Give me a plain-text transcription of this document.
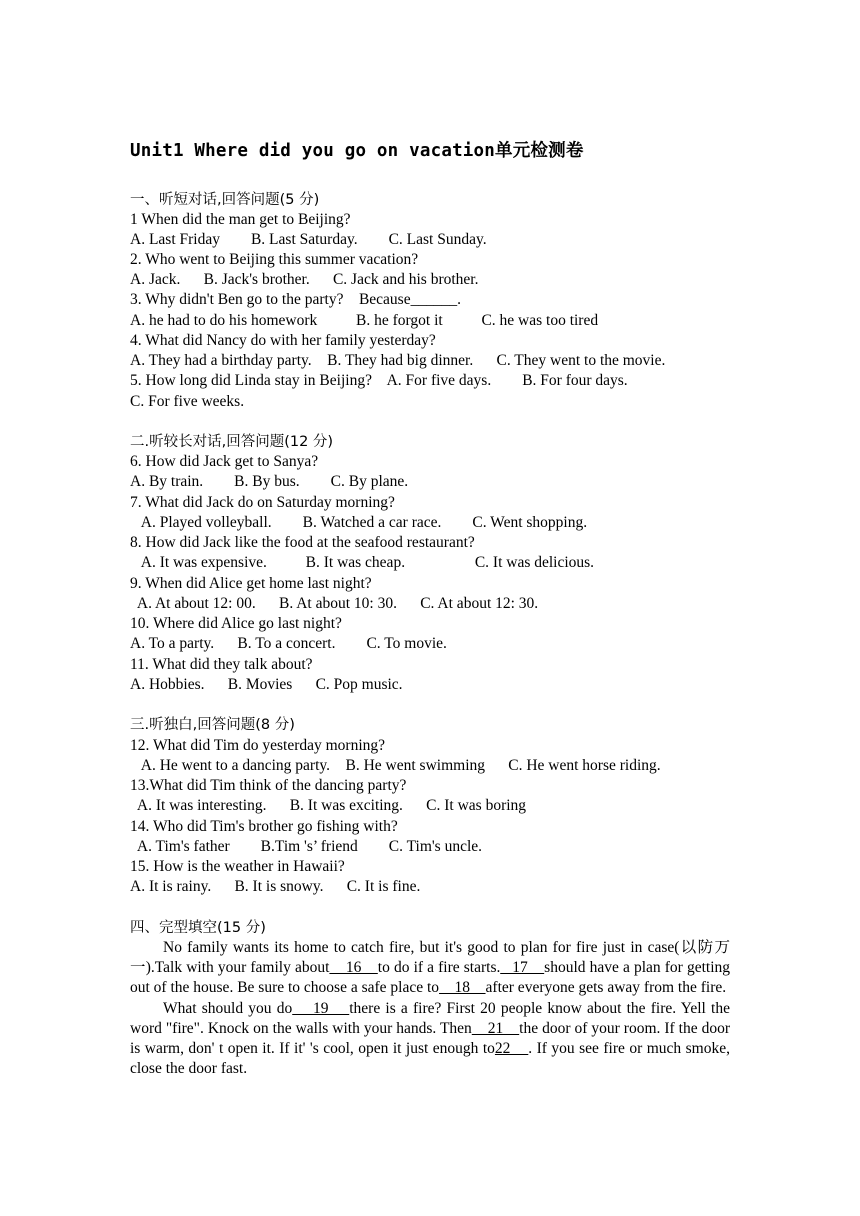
Unit1 Where did you go on vacation单元检测卷
一、听短对话,回答问题(5 分)
1 When did the man get to Beijing?
A. Last Friday        B. Last Saturday.        C. Last Sunday.
2. Who went to Beijing this summer vacation?
A. Jack.      B. Jack's brother.      C. Jack and his brother.
3. Why didn't Ben go to the party?    Because______.
A. he had to do his homework          B. he forgot it          C. he was too tired
4. What did Nancy do with her family yesterday?
A. They had a birthday party.    B. They had big dinner.      C. They went to the movie.
5. How long did Linda stay in Beijing?    A. For five days.        B. For four days.
C. For five weeks.
二.听较长对话,回答问题(12 分)
6. How did Jack get to Sanya?
A. By train.        B. By bus.        C. By plane.
7. What did Jack do on Saturday morning?
A. Played volleyball.        B. Watched a car race.        C. Went shopping.
8. How did Jack like the food at the seafood restaurant?
A. It was expensive.          B. It was cheap.                  C. It was delicious.
9. When did Alice get home last night?
A. At about 12: 00.      B. At about 10: 30.      C. At about 12: 30.
10. Where did Alice go last night?
A. To a party.      B. To a concert.        C. To movie.
11. What did they talk about?
A. Hobbies.      B. Movies      C. Pop music.
三.听独白,回答问题(8 分)
12. What did Tim do yesterday morning?
A. He went to a dancing party.    B. He went swimming      C. He went horse riding.
13.What did Tim think of the dancing party?
A. It was interesting.      B. It was exciting.      C. It was boring
14. Who did Tim's brother go fishing with?
A. Tim's father        B.Tim 's’ friend        C. Tim's uncle.
15. How is the weather in Hawaii?
A. It is rainy.      B. It is snowy.      C. It is fine.
四、完型填空(15 分)

No family wants its home to catch fire, but it's good to plan for fire just in case(以防万一).Talk with your family about    16    to do if a fire starts._ 17    should have a plan for getting out of the house. Be sure to choose a safe place to    18    after everyone gets away from the fire.

What should you do    19    there is a fire? First 20 people know about the fire. Yell the word "fire". Knock on the walls with your hands. Then    21    the door of your room. If the door is warm, don' t open it. If it' 's cool, open it just enough to22    . If you see fire or much smoke, close the door fast.
